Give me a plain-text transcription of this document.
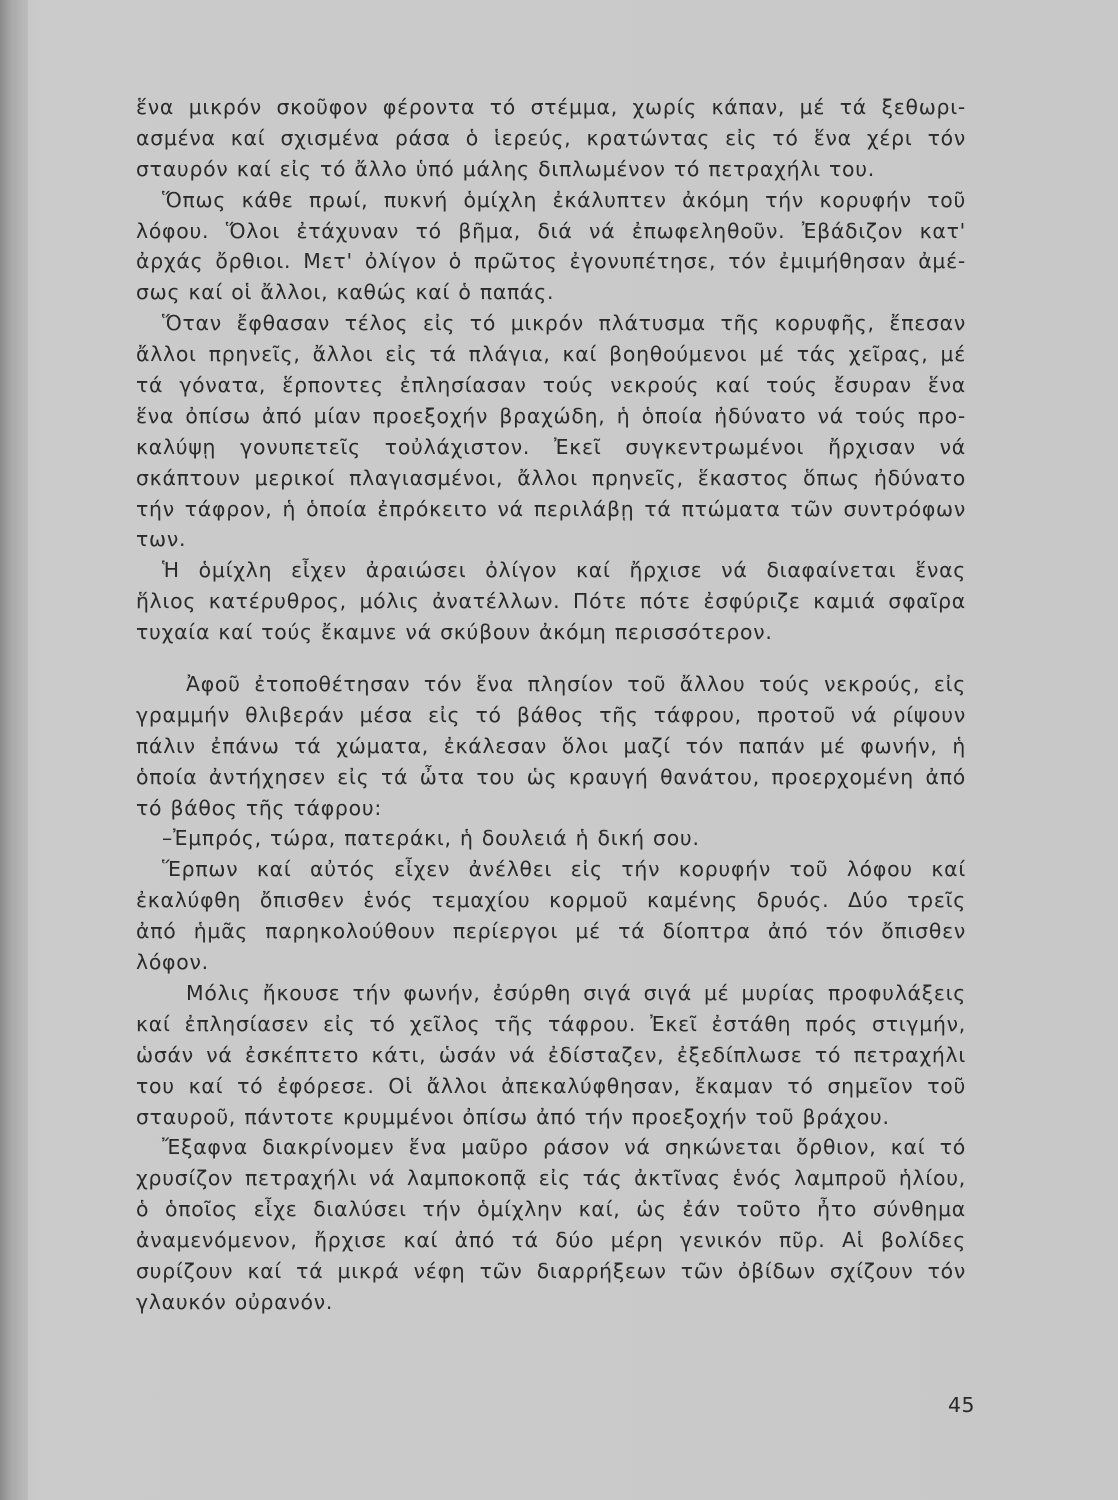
ἕνα μικρόν σκοῦφον φέροντα τό στέμμα, χωρίς κάπαν, μέ τά ξεθωρι-
ασμένα καί σχισμένα ράσα ὁ ἱερεύς, κρατώντας εἰς τό ἕνα χέρι τόν
σταυρόν καί εἰς τό ἄλλο ὑπό μάλης διπλωμένον τό πετραχήλι του.
Ὅπως κάθε πρωί, πυκνή ὁμίχλη ἐκάλυπτεν ἀκόμη τήν κορυφήν τοῦ
λόφου. Ὅλοι ἐτάχυναν τό βῆμα, διά νά ἐπωφεληθοῦν. Ἐβάδιζον κατ'
ἀρχάς ὄρθιοι. Μετ' ὀλίγον ὁ πρῶτος ἐγονυπέτησε, τόν ἐμιμήθησαν ἀμέ-
σως καί οἱ ἄλλοι, καθώς καί ὁ παπάς.
Ὅταν ἔφθασαν τέλος εἰς τό μικρόν πλάτυσμα τῆς κορυφῆς, ἔπεσαν
ἄλλοι πρηνεῖς, ἄλλοι εἰς τά πλάγια, καί βοηθούμενοι μέ τάς χεῖρας, μέ
τά γόνατα, ἕρποντες ἐπλησίασαν τούς νεκρούς καί τούς ἔσυραν ἕνα
ἕνα ὀπίσω ἀπό μίαν προεξοχήν βραχώδη, ἡ ὁποία ἠδύνατο νά τούς προ-
καλύψῃ γονυπετεῖς τοὐλάχιστον. Ἐκεῖ συγκεντρωμένοι ἤρχισαν νά
σκάπτουν μερικοί πλαγιασμένοι, ἄλλοι πρηνεῖς, ἕκαστος ὅπως ἠδύνατο
τήν τάφρον, ἡ ὁποία ἐπρόκειτο νά περιλάβῃ τά πτώματα τῶν συντρόφων
των.
Ἡ ὁμίχλη εἶχεν ἀραιώσει ὀλίγον καί ἤρχισε νά διαφαίνεται ἕνας
ἥλιος κατέρυθρος, μόλις ἀνατέλλων. Πότε πότε ἐσφύριζε καμιά σφαῖρα
τυχαία καί τούς ἔκαμνε νά σκύβουν ἀκόμη περισσότερον.
Ἀφοῦ ἐτοποθέτησαν τόν ἕνα πλησίον τοῦ ἄλλου τούς νεκρούς, εἰς
γραμμήν θλιβεράν μέσα εἰς τό βάθος τῆς τάφρου, προτοῦ νά ρίψουν
πάλιν ἐπάνω τά χώματα, ἐκάλεσαν ὅλοι μαζί τόν παπάν μέ φωνήν, ἡ
ὁποία ἀντήχησεν εἰς τά ὦτα του ὡς κραυγή θανάτου, προερχομένη ἀπό
τό βάθος τῆς τάφρου:
–Ἐμπρός, τώρα, πατεράκι, ἡ δουλειά ἡ δική σου.
Ἕρπων καί αὐτός εἶχεν ἀνέλθει εἰς τήν κορυφήν τοῦ λόφου καί
ἐκαλύφθη ὄπισθεν ἑνός τεμαχίου κορμοῦ καμένης δρυός. Δύο τρεῖς
ἀπό ἡμᾶς παρηκολούθουν περίεργοι μέ τά δίοπτρα ἀπό τόν ὄπισθεν
λόφον.
Μόλις ἤκουσε τήν φωνήν, ἐσύρθη σιγά σιγά μέ μυρίας προφυλάξεις
καί ἐπλησίασεν εἰς τό χεῖλος τῆς τάφρου. Ἐκεῖ ἐστάθη πρός στιγμήν,
ὡσάν νά ἐσκέπτετο κάτι, ὡσάν νά ἐδίσταζεν, ἐξεδίπλωσε τό πετραχήλι
του καί τό ἐφόρεσε. Οἱ ἄλλοι ἀπεκαλύφθησαν, ἔκαμαν τό σημεῖον τοῦ
σταυροῦ, πάντοτε κρυμμένοι ὀπίσω ἀπό τήν προεξοχήν τοῦ βράχου.
Ἔξαφνα διακρίνομεν ἕνα μαῦρο ράσον νά σηκώνεται ὄρθιον, καί τό
χρυσίζον πετραχήλι νά λαμποκοπᾷ εἰς τάς ἀκτῖνας ἑνός λαμπροῦ ἡλίου,
ὁ ὁποῖος εἶχε διαλύσει τήν ὁμίχλην καί, ὡς ἐάν τοῦτο ἦτο σύνθημα
ἀναμενόμενον, ἤρχισε καί ἀπό τά δύο μέρη γενικόν πῦρ. Αἱ βολίδες
συρίζουν καί τά μικρά νέφη τῶν διαρρήξεων τῶν ὀβίδων σχίζουν τόν
γλαυκόν οὐρανόν.
45
